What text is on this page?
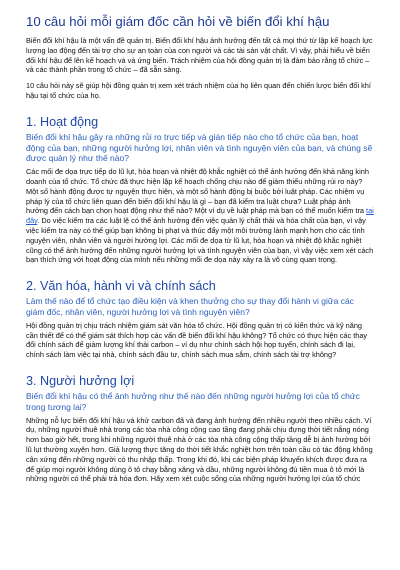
10 câu hỏi mỗi giám đốc cần hỏi về biến đổi khí hậu

Biến đổi khí hậu là một vấn đề quản trị. Biến đổi khí hậu ảnh hưởng đến tất cả mọi thứ từ lập kế hoạch lực lượng lao động đến tài trợ cho sự an toàn của con người và các tài sản vật chất. Vì vậy, phải hiểu về biến đổi khí hậu để lên kế hoạch và và ứng biến. Trách nhiệm của hội đồng quản trị là đảm bảo rằng tổ chức – và các thành phần trong tổ chức – đã sẵn sàng.

10 câu hỏi này sẽ giúp hội đồng quản trị xem xét trách nhiệm của họ liên quan đến chiến lược biến đổi khí hậu tại tổ chức của họ.

1. Hoạt động
Biến đổi khí hậu gây ra những rủi ro trực tiếp và gián tiếp nào cho tổ chức của bạn, hoạt động của bạn, những người hưởng lợi, nhân viên và tình nguyện viên của bạn, và chúng sẽ được quản lý như thế nào?

Các mối đe dọa trực tiếp do lũ lụt, hỏa hoạn và nhiệt độ khắc nghiệt có thể ảnh hưởng đến khả năng kinh doanh của tổ chức. Tổ chức đã thực hiện lập kế hoạch chống chịu nào để giảm thiểu những rủi ro này? Một số hành động được tự nguyện thực hiện, và một số hành động bị buộc bởi luật pháp. Các nhiệm vụ pháp lý của tổ chức liên quan đến biến đổi khí hậu là gì – bạn đã kiểm tra luật chưa? Luật pháp ảnh hưởng đến cách bạn chọn hoạt động như thế nào? Một ví dụ về luật pháp mà bạn có thể muốn kiểm tra tại đây. Do việc kiểm tra các luật lệ có thể ảnh hưởng đến việc quản lý chất thải và hóa chất của bạn, vì vậy việc kiểm tra này có thể giúp bạn không bị phạt và thúc đẩy một môi trường lành mạnh hơn cho các tình nguyện viên, nhân viên và người hưởng lợi. Các mối đe dọa từ lũ lụt, hỏa hoạn và nhiệt độ khắc nghiệt cũng có thể ảnh hưởng đến những người hưởng lợi và tình nguyện viên của bạn, vì vậy việc xem xét cách bạn thích ứng với hoạt động của mình nếu những mối đe dọa này xảy ra là vô cùng quan trọng.

2. Văn hóa, hành vi và chính sách
Làm thế nào để tổ chức tạo điều kiện và khen thưởng cho sự thay đổi hành vi giữa các giám đốc, nhân viên, người hưởng lợi và tình nguyện viên?

Hội đồng quản trị chịu trách nhiệm giám sát văn hóa tổ chức. Hội đồng quản trị có kiến thức và kỹ năng cần thiết để có thể giám sát thích hợp các vấn đề biến đổi khí hậu không? Tổ chức có thực hiện các thay đổi chính sách để giảm lượng khí thải carbon – ví dụ như chính sách hội họp tuyến, chính sách đi lại, chính sách làm việc tại nhà, chính sách đầu tư, chính sách mua sắm, chính sách tài trợ không?

3. Người hưởng lợi
Biến đổi khí hậu có thể ảnh hưởng như thế nào đến những người hưởng lợi của tổ chức trong tương lai?

Những nỗ lực biến đổi khí hậu và khử carbon đã và đang ảnh hưởng đến nhiều người theo nhiều cách. Ví dụ, những người thuê nhà trong các tòa nhà công cộng cao tầng đang phải chịu đựng thời tiết nắng nóng hơn bao giờ hết, trong khi những người thuê nhà ở các tòa nhà công cộng thấp tầng dễ bị ảnh hưởng bởi lũ lụt thường xuyên hơn. Giả lượng thực tăng do thời tiết khắc nghiệt hơn trên toàn cầu có tác động không cân xứng đến những người có thu nhập thấp. Trong khi đó, khi các biện pháp khuyến khích được đưa ra để giúp mọi người không dùng ô tô chạy bằng xăng và dầu, những người không đủ tiền mua ô tô mới là những người có thể phải trả hóa đơn. Hãy xem xét cuộc sống của những người hưởng lợi của tổ chức
